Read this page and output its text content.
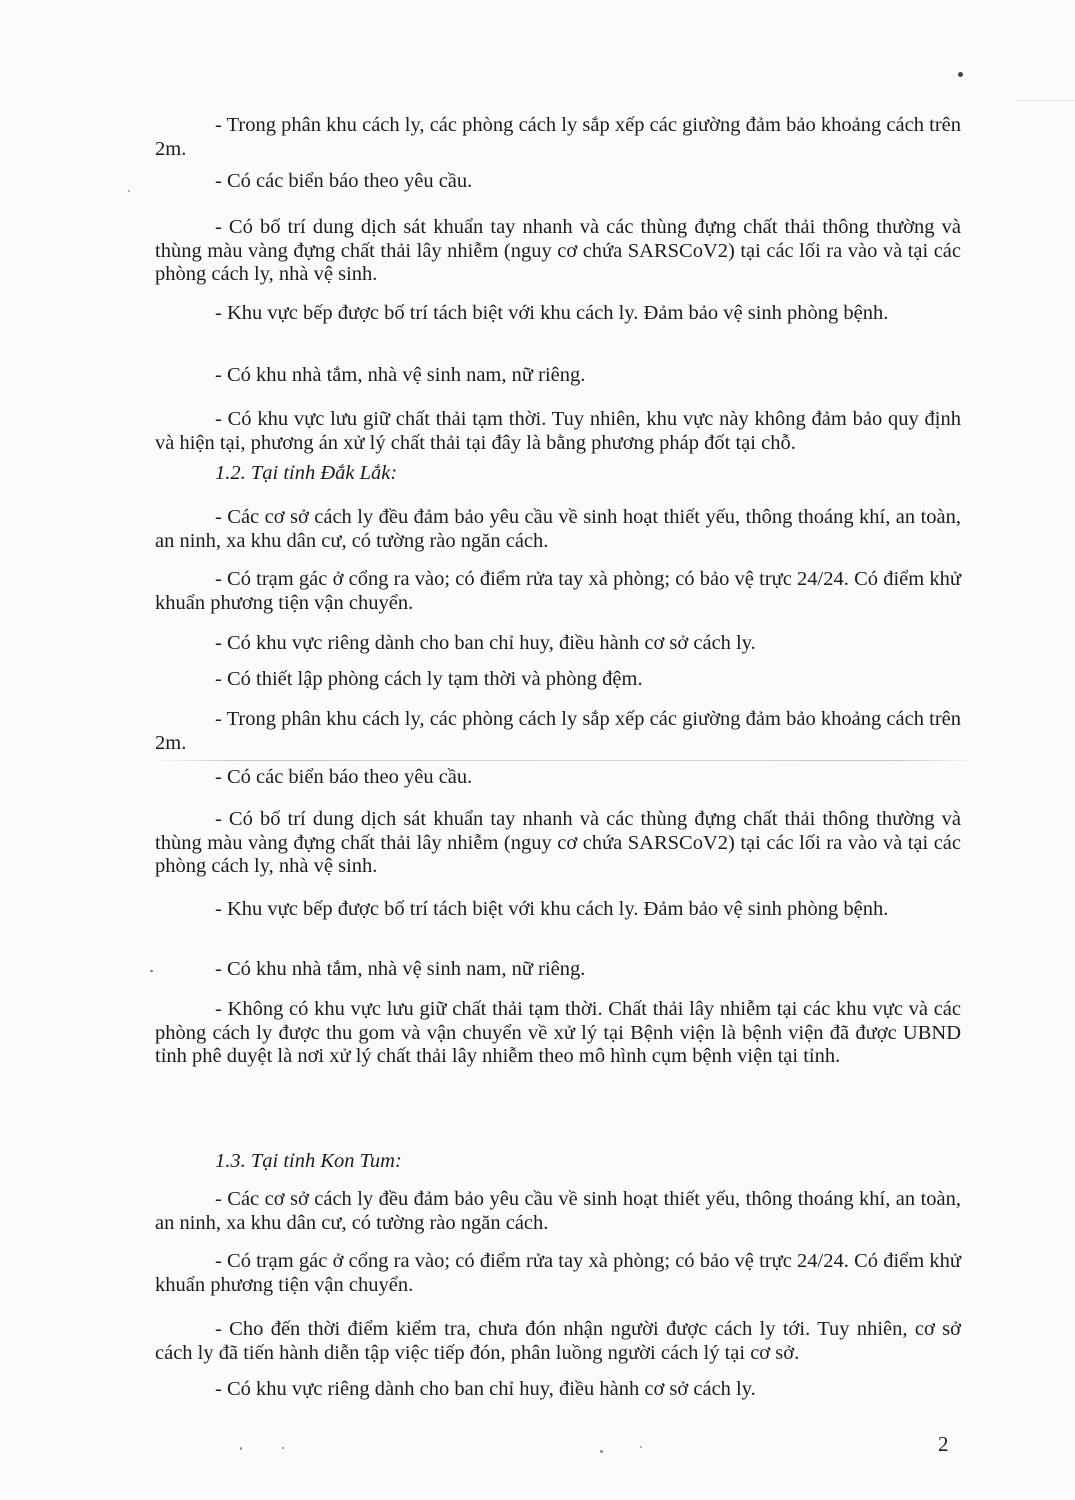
- Trong phân khu cách ly, các phòng cách ly sắp xếp các giường đảm bảo khoảng cách trên 2m.

- Có các biển báo theo yêu cầu.

- Có bố trí dung dịch sát khuẩn tay nhanh và các thùng đựng chất thải thông thường và thùng màu vàng đựng chất thải lây nhiễm (nguy cơ chứa SARSCoV2) tại các lối ra vào và tại các phòng cách ly, nhà vệ sinh.

- Khu vực bếp được bố trí tách biệt với khu cách ly. Đảm bảo vệ sinh phòng bệnh.

- Có khu nhà tắm, nhà vệ sinh nam, nữ riêng.

- Có khu vực lưu giữ chất thải tạm thời. Tuy nhiên, khu vực này không đảm bảo quy định và hiện tại, phương án xử lý chất thải tại đây là bằng phương pháp đốt tại chỗ.

1.2. Tại tỉnh Đắk Lắk:

- Các cơ sở cách ly đều đảm bảo yêu cầu về sinh hoạt thiết yếu, thông thoáng khí, an toàn, an ninh, xa khu dân cư, có tường rào ngăn cách.

- Có trạm gác ở cổng ra vào; có điểm rửa tay xà phòng; có bảo vệ trực 24/24. Có điểm khử khuẩn phương tiện vận chuyển.

- Có khu vực riêng dành cho ban chỉ huy, điều hành cơ sở cách ly.

- Có thiết lập phòng cách ly tạm thời và phòng đệm.

- Trong phân khu cách ly, các phòng cách ly sắp xếp các giường đảm bảo khoảng cách trên 2m.

- Có các biển báo theo yêu cầu.

- Có bố trí dung dịch sát khuẩn tay nhanh và các thùng đựng chất thải thông thường và thùng màu vàng đựng chất thải lây nhiễm (nguy cơ chứa SARSCoV2) tại các lối ra vào và tại các phòng cách ly, nhà vệ sinh.

- Khu vực bếp được bố trí tách biệt với khu cách ly. Đảm bảo vệ sinh phòng bệnh.

- Có khu nhà tắm, nhà vệ sinh nam, nữ riêng.

- Không có khu vực lưu giữ chất thải tạm thời. Chất thải lây nhiễm tại các khu vực và các phòng cách ly được thu gom và vận chuyển về xử lý tại Bệnh viện là bệnh viện đã được UBND tỉnh phê duyệt là nơi xử lý chất thải lây nhiễm theo mô hình cụm bệnh viện tại tỉnh.

1.3. Tại tỉnh Kon Tum:

- Các cơ sở cách ly đều đảm bảo yêu cầu về sinh hoạt thiết yếu, thông thoáng khí, an toàn, an ninh, xa khu dân cư, có tường rào ngăn cách.

- Có trạm gác ở cổng ra vào; có điểm rửa tay xà phòng; có bảo vệ trực 24/24. Có điểm khử khuẩn phương tiện vận chuyển.

- Cho đến thời điểm kiểm tra, chưa đón nhận người được cách ly tới. Tuy nhiên, cơ sở cách ly đã tiến hành diễn tập việc tiếp đón, phân luồng người cách lý tại cơ sở.

- Có khu vực riêng dành cho ban chỉ huy, điều hành cơ sở cách ly.

2
